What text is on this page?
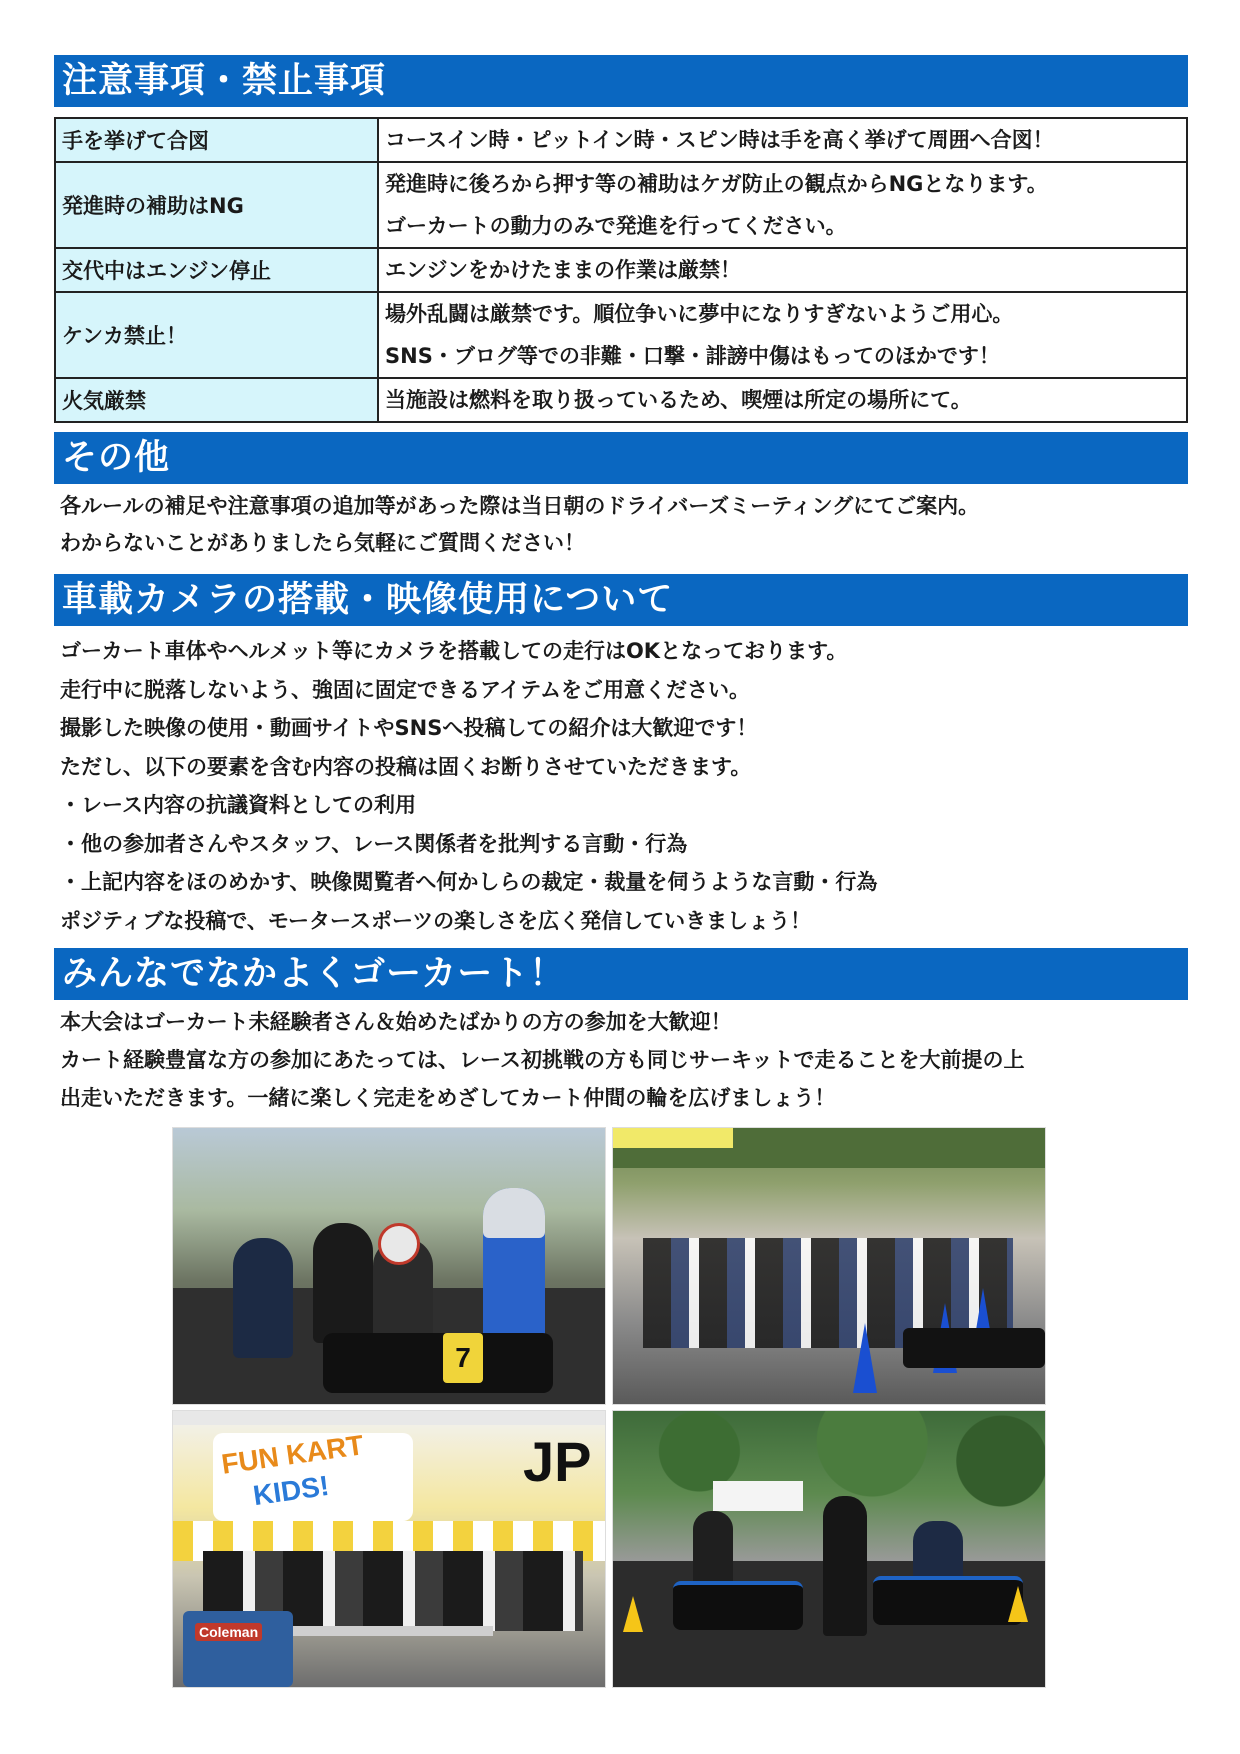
注意事項・禁止事項
手を挙げて合図	コースイン時・ピットイン時・スピン時は手を高く挙げて周囲へ合図！

発進時の補助はNG	発進時に後ろから押す等の補助はケガ防止の観点からNGとなります。
ゴーカートの動力のみで発進を行ってください。

交代中はエンジン停止	エンジンをかけたままの作業は厳禁！

ケンカ禁止！	場外乱闘は厳禁です。順位争いに夢中になりすぎないようご用心。
SNS・ブログ等での非難・口撃・誹謗中傷はもってのほかです！

火気厳禁	当施設は燃料を取り扱っているため、喫煙は所定の場所にて。
その他

各ルールの補足や注意事項の追加等があった際は当日朝のドライバーズミーティングにてご案内。

わからないことがありましたら気軽にご質問ください！

車載カメラの搭載・映像使用について

ゴーカート車体やヘルメット等にカメラを搭載しての走行はOKとなっております。

走行中に脱落しないよう、強固に固定できるアイテムをご用意ください。

撮影した映像の使用・動画サイトやSNSへ投稿しての紹介は大歓迎です！

ただし、以下の要素を含む内容の投稿は固くお断りさせていただきます。

・レース内容の抗議資料としての利用

・他の参加者さんやスタッフ、レース関係者を批判する言動・行為

・上記内容をほのめかす、映像閲覧者へ何かしらの裁定・裁量を伺うような言動・行為

ポジティブな投稿で、モータースポーツの楽しさを広く発信していきましょう！

みんなでなかよくゴーカート！

本大会はゴーカート未経験者さん＆始めたばかりの方の参加を大歓迎！

カート経験豊富な方の参加にあたっては、レース初挑戦の方も同じサーキットで走ることを大前提の上

出走いただきます。一緒に楽しく完走をめざしてカート仲間の輪を広げましょう！

7
FUN KART
KIDS!	JP
Coleman
